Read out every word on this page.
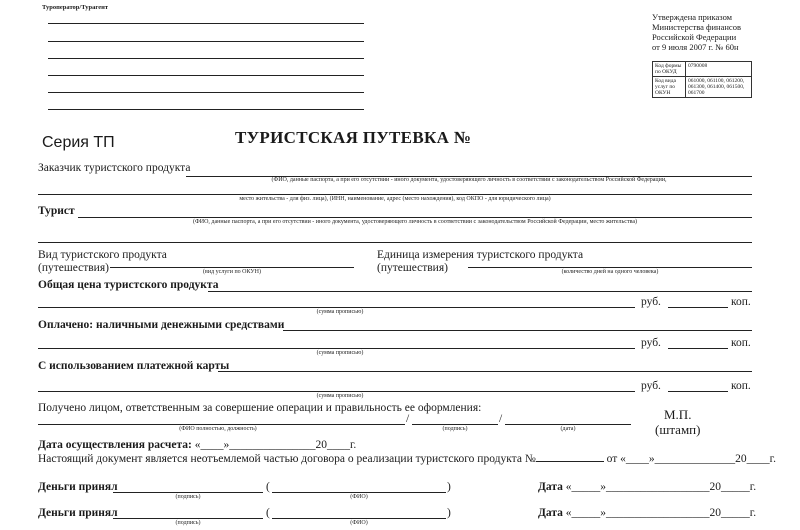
Туроператор/Турагент
Утверждена приказом
Министерства финансов
Российской Федерации
от 9 июля 2007 г. № 60н
Код формы по ОКУД	0790008
Код вида услуг по ОКУН	061000, 061100, 061200, 061300, 061400, 061500, 061700
Серия ТП	ТУРИСТСКАЯ ПУТЕВКА №
Заказчик туристского продукта
(ФИО, данные паспорта, а при его отсутствии - иного документа, удостоверяющего личность в соответствии с законодательством Российской Федерации,
место жительства - для физ. лица), (ИНН, наименование, адрес (место нахождения), код ОКПО - для юридического лица)
Турист
(ФИО, данные паспорта, а при его отсутствии - иного документа, удостоверяющего личность в соответствии с законодательством Российской Федерации, место жительства)
Вид туристского продукта
(путешествия)	(вид услуги по ОКУН)
Единица измерения туристского продукта
(путешествия)	(количество дней на одного человека)
Общая цена туристского продукта
руб.	коп.
(сумма прописью)
Оплачено: наличными денежными средствами
руб.	коп.
(сумма прописью)
С использованием платежной карты
руб.	коп.
(сумма прописью)
Получено лицом, ответственным за совершение операции и правильность ее оформления:
/	/
(ФИО полностью, должность)	(подпись)	(дата)
М.П.
(штамп)
Дата осуществления расчета: «____»_______________20____г.
Настоящий документ является неотъемлемой частью договора о реализации туристского продукта №	от «____»______________20____г.
Деньги принял	(	)
(подпись)	(ФИО)
Дата «_____»__________________20_____г.
Деньги принял	(	)
(подпись)	(ФИО)
Дата «_____»__________________20_____г.
